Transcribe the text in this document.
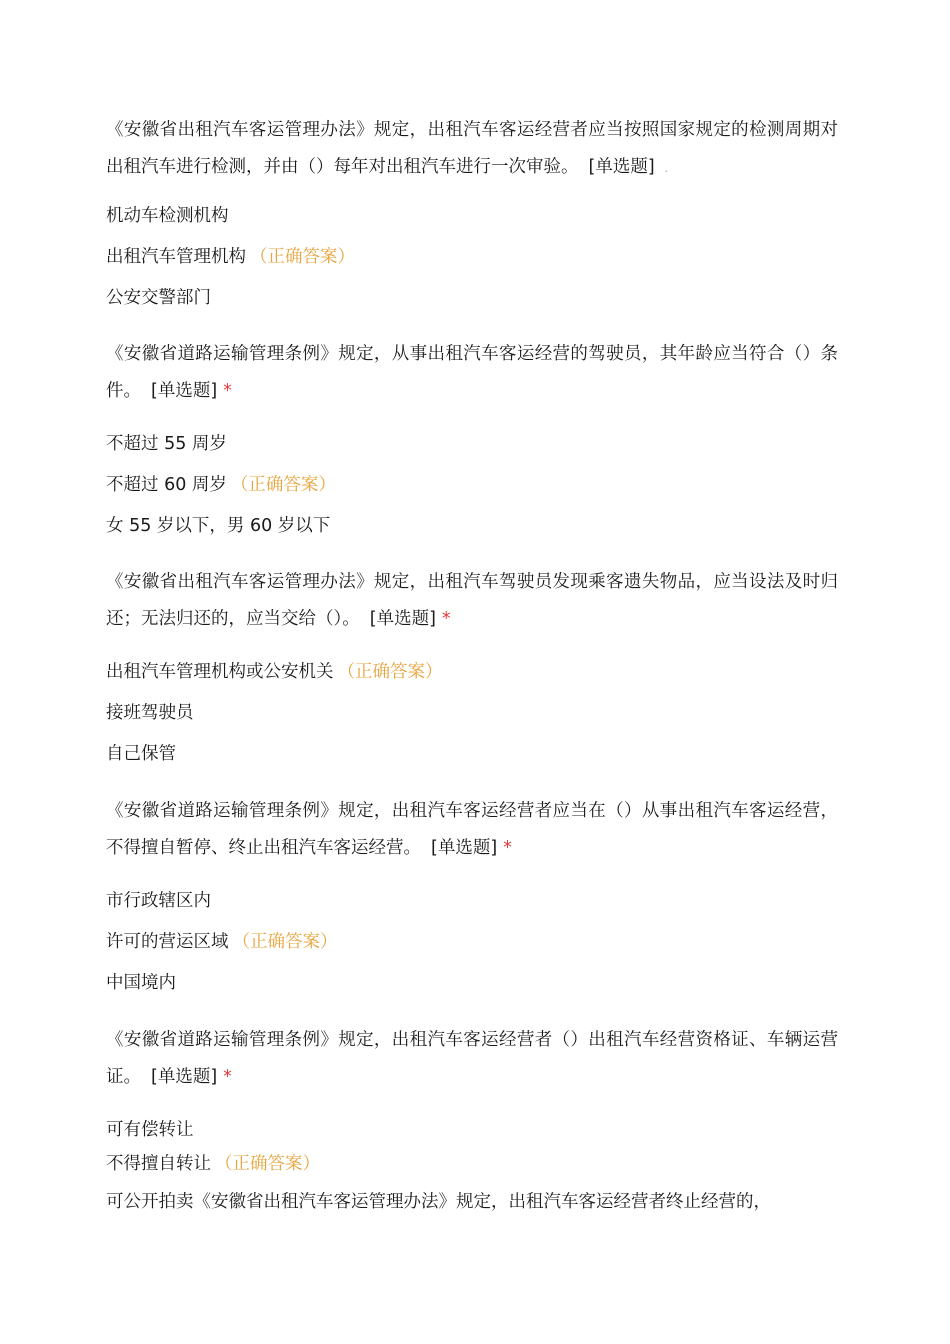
《安徽省出租汽车客运管理办法》规定，出租汽车客运经营者应当按照国家规定的检测周期对出租汽车进行检测，并由（）每年对出租汽车进行一次审验。 [单选题] .

机动车检测机构
出租汽车管理机构 （正确答案）
公安交警部门

《安徽省道路运输管理条例》规定，从事出租汽车客运经营的驾驶员，其年龄应当符合（）条件。 [单选题] *

不超过 55 周岁
不超过 60 周岁 （正确答案）
女 55 岁以下，男 60 岁以下

《安徽省出租汽车客运管理办法》规定，出租汽车驾驶员发现乘客遗失物品，应当设法及时归还；无法归还的，应当交给（）。 [单选题] *

出租汽车管理机构或公安机关 （正确答案）
接班驾驶员
自己保管

《安徽省道路运输管理条例》规定，出租汽车客运经营者应当在（）从事出租汽车客运经营，不得擅自暂停、终止出租汽车客运经营。 [单选题] *

市行政辖区内
许可的营运区域 （正确答案）
中国境内

《安徽省道路运输管理条例》规定，出租汽车客运经营者（）出租汽车经营资格证、车辆运营证。 [单选题] *

可有偿转让
不得擅自转让 （正确答案）
可公开拍卖《安徽省出租汽车客运管理办法》规定，出租汽车客运经营者终止经营的，
